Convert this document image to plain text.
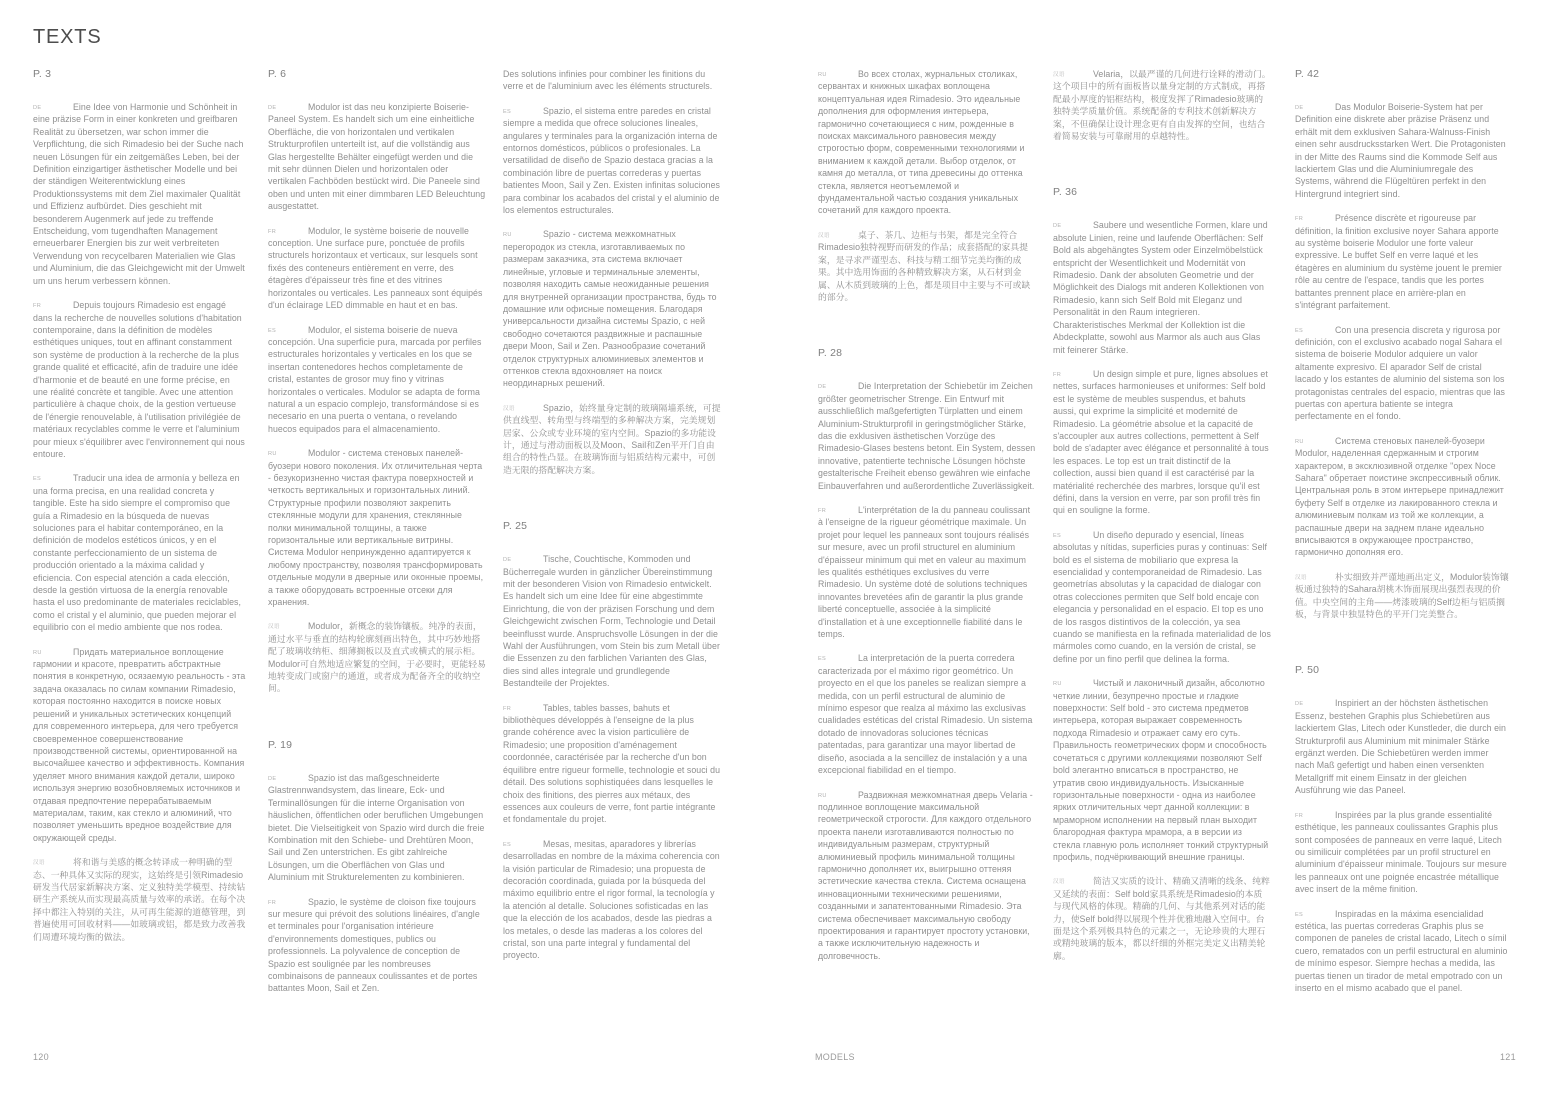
TEXTS
P. 3
DE	Eine Idee von Harmonie und Schönheit in eine präzise Form in einer konkreten und greifbaren Realität zu übersetzen, war schon immer die Verpflichtung, die sich Rimadesio bei der Suche nach neuen Lösungen für ein zeitgemäßes Leben, bei der Definition einzigartiger ästhetischer Modelle und bei der ständigen Weiterentwicklung eines Produktionssystems mit dem Ziel maximaler Qualität und Effizienz aufbürdet. Dies geschieht mit besonderem Augenmerk auf jede zu treffende Entscheidung, vom tugendhaften Management erneuerbarer Energien bis zur weit verbreiteten Verwendung von recycelbaren Materialien wie Glas und Aluminium, die das Gleichgewicht mit der Umwelt um uns herum verbessern können.
FR	Depuis toujours Rimadesio est engagé dans la recherche de nouvelles solutions d'habitation contemporaine, dans la définition de modèles esthétiques uniques, tout en affinant constamment son système de production à la recherche de la plus grande qualité et efficacité, afin de traduire une idée d'harmonie et de beauté en une forme précise, en une réalité concrète et tangible. Avec une attention particulière à chaque choix, de la gestion vertueuse de l'énergie renouvelable, à l'utilisation privilégiée de matériaux recyclables comme le verre et l'aluminium pour mieux s'équilibrer avec l'environnement qui nous entoure.
ES	Traducir una idea de armonía y belleza en una forma precisa, en una realidad concreta y tangible. Este ha sido siempre el compromiso que guía a Rimadesio en la búsqueda de nuevas soluciones para el habitar contemporáneo, en la definición de modelos estéticos únicos, y en el constante perfeccionamiento de un sistema de producción orientado a la máxima calidad y eficiencia. Con especial atención a cada elección, desde la gestión virtuosa de la energía renovable hasta el uso predominante de materiales reciclables, como el cristal y el aluminio, que pueden mejorar el equilibrio con el medio ambiente que nos rodea.
RU	Придать материальное воплощение гармонии и красоте, превратить абстрактные понятия в конкретную, осязаемую реальность - эта задача оказалась по силам компании Rimadesio, которая постоянно находится в поиске новых решений и уникальных эстетических концепций для современного интерьера, для чего требуется своевременное совершенствование производственной системы, ориентированной на высочайшее качество и эффективность. Компания уделяет много внимания каждой детали, широко используя энергию возобновляемых источников и отдавая предпочтение перерабатываемым материалам, таким, как стекло и алюминий, что позволяет уменьшить вредное воздействие для окружающей среды.
汉语	将和谐与美感的概念转译成一种明确的型态、一种具体又实际的现实，这始终是引领Rimadesio研发当代居家新解决方案、定义独特美学模型、持续钻研生产系统从而实现最高质量与效率的承诺。在每个决择中都注入特别的关注，从可再生能源的道德管理，到普遍使用可回收材料——如玻璃或铝，都是致力改善我们周遭环境均衡的做法。
P. 6
DE	Modulor ist das neu konzipierte Boiserie-Paneel System. Es handelt sich um eine einheitliche Oberfläche, die von horizontalen und vertikalen Strukturprofilen unterteilt ist, auf die vollständig aus Glas hergestellte Behälter eingefügt werden und die mit sehr dünnen Dielen und horizontalen oder vertikalen Fachböden bestückt wird. Die Paneele sind oben und unten mit einer dimmbaren LED Beleuchtung ausgestattet.
FR	Modulor, le système boiserie de nouvelle conception. Une surface pure, ponctuée de profils structurels horizontaux et verticaux, sur lesquels sont fixés des conteneurs entièrement en verre, des étagères d'épaisseur très fine et des vitrines horizontales ou verticales. Les panneaux sont équipés d'un éclairage LED dimmable en haut et en bas.
ES	Modulor, el sistema boiserie de nueva concepción. Una superficie pura, marcada por perfiles estructurales horizontales y verticales en los que se insertan contenedores hechos completamente de cristal, estantes de grosor muy fino y vitrinas horizontales o verticales. Modulor se adapta de forma natural a un espacio complejo, transformándose si es necesario en una puerta o ventana, o revelando huecos equipados para el almacenamiento.
RU	Modulor - система стеновых панелей-буозери нового поколения. Их отличительная черта - безукоризненно чистая фактура поверхностей и четкость вертикальных и горизонтальных линий. Структурные профили позволяют закрепить стеклянные модули для хранения, стеклянные полки минимальной толщины, а также горизонтальные или вертикальные витрины. Система Modulor непринужденно адаптируется к любому пространству, позволяя трансформировать отдельные модули в дверные или оконные проемы, а также оборудовать встроенные отсеки для хранения.
汉语	Modulor，新概念的装饰镶板。纯净的表面，通过水平与垂直的结构轮廓刻画出特色，其中巧妙地搭配了玻璃收纳柜、细薄搁板以及直式或横式的展示柜。Modulor可自然地适应繁复的空间，于必要时，更能轻易地转变成门或窗户的通道，或者成为配备齐全的收纳空间。
P. 19
DE	Spazio ist das maßgeschneiderte Glastrennwandsystem, das lineare, Eck- und Terminallösungen für die interne Organisation von häuslichen, öffentlichen oder beruflichen Umgebungen bietet. Die Vielseitigkeit von Spazio wird durch die freie Kombination mit den Schiebe- und Drehtüren Moon, Sail und Zen unterstrichen. Es gibt zahlreiche Lösungen, um die Oberflächen von Glas und Aluminium mit Strukturelementen zu kombinieren.
FR	Spazio, le système de cloison fixe toujours sur mesure qui prévoit des solutions linéaires, d'angle et terminales pour l'organisation intérieure d'environnements domestiques, publics ou professionnels. La polyvalence de conception de Spazio est soulignée par les nombreuses combinaisons de panneaux coulissantes et de portes battantes Moon, Sail et Zen.
Des solutions infinies pour combiner les finitions du verre et de l'aluminium avec les éléments structurels.
ES	Spazio, el sistema entre paredes en cristal siempre a medida que ofrece soluciones lineales, angulares y terminales para la organización interna de entornos domésticos, públicos o profesionales. La versatilidad de diseño de Spazio destaca gracias a la combinación libre de puertas correderas y puertas batientes Moon, Sail y Zen. Existen infinitas soluciones para combinar los acabados del cristal y el aluminio de los elementos estructurales.
RU	Spazio - система межкомнатных перегородок из стекла, изготавливаемых по размерам заказчика, эта система включает линейные, угловые и терминальные элементы, позволяя находить самые неожиданные решения для внутренней организации пространства, будь то домашние или офисные помещения. Благодаря универсальности дизайна системы Spazio, с ней свободно сочетаются раздвижные и распашные двери Moon, Sail и Zen. Разнообразие сочетаний отделок структурных алюминиевых элементов и оттенков стекла вдохновляет на поиск неординарных решений.
汉语	Spazio，始终量身定制的玻璃隔墙系统，可提供直线型、转角型与终端型的多种解决方案，完美规划居家、公众或专业环境的室内空间。Spazio的多功能设计，通过与滑动面板以及Moon、Sail和Zen平开门自由组合的特性凸显。在玻璃饰面与铝质结构元素中，可创造无限的搭配解决方案。
P. 25
DE	Tische, Couchtische, Kommoden und Bücherregale wurden in gänzlicher Übereinstimmung mit der besonderen Vision von Rimadesio entwickelt. Es handelt sich um eine Idee für eine abgestimmte Einrichtung, die von der präzisen Forschung und dem Gleichgewicht zwischen Form, Technologie und Detail beeinflusst wurde. Anspruchsvolle Lösungen in der die Wahl der Ausführungen, vom Stein bis zum Metall über die Essenzen zu den farblichen Varianten des Glas, dies sind alles integrale und grundlegende Bestandteile der Projektes.
FR	Tables, tables basses, bahuts et bibliothèques développés à l'enseigne de la plus grande cohérence avec la vision particulière de Rimadesio; une proposition d'aménagement coordonnée, caractérisée par la recherche d'un bon équilibre entre rigueur formelle, technologie et souci du détail. Des solutions sophistiquées dans lesquelles le choix des finitions, des pierres aux métaux, des essences aux couleurs de verre, font partie intégrante et fondamentale du projet.
ES	Mesas, mesitas, aparadores y librerías desarrolladas en nombre de la máxima coherencia con la visión particular de Rimadesio; una propuesta de decoración coordinada, guiada por la búsqueda del máximo equilibrio entre el rigor formal, la tecnología y la atención al detalle. Soluciones sofisticadas en las que la elección de los acabados, desde las piedras a los metales, o desde las maderas a los colores del cristal, son una parte integral y fundamental del proyecto.
RU	Во всех столах, журнальных столиках, сервантах и книжных шкафах воплощена концептуальная идея Rimadesio. Это идеальные дополнения для оформления интерьера, гармонично сочетающиеся с ним, рожденные в поисках максимального равновесия между строгостью форм, современными технологиями и вниманием к каждой детали. Выбор отделок, от камня до металла, от типа древесины до оттенка стекла, является неотъемлемой и фундаментальной частью создания уникальных сочетаний для каждого проекта.
汉语	桌子、茶几、边柜与书架，都是完全符合Rimadesio独特视野而研发的作品；成套搭配的家具提案，是寻求严谨型态、科技与精工细节完美均衡的成果。其中选用饰面的各种精致解决方案，从石材到金属、从木质到玻璃的上色，都是项目中主要与不可或缺的部分。
P. 28
DE	Die Interpretation der Schiebetür im Zeichen größter geometrischer Strenge. Ein Entwurf mit ausschließlich maßgefertigten Türplatten und einem Aluminium-Strukturprofil in geringstmöglicher Stärke, das die exklusiven ästhetischen Vorzüge des Rimadesio-Glases bestens betont. Ein System, dessen innovative, patentierte technische Lösungen höchste gestalterische Freiheit ebenso gewähren wie einfache Einbauverfahren und außerordentliche Zuverlässigkeit.
FR	L'interprétation de la du panneau coulissant à l'enseigne de la rigueur géométrique maximale. Un projet pour lequel les panneaux sont toujours réalisés sur mesure, avec un profil structurel en aluminium d'épaisseur minimum qui met en valeur au maximum les qualités esthétiques exclusives du verre Rimadesio. Un système doté de solutions techniques innovantes brevetées afin de garantir la plus grande liberté conceptuelle, associée à la simplicité d'installation et à une exceptionnelle fiabilité dans le temps.
ES	La interpretación de la puerta corredera caracterizada por el máximo rigor geométrico. Un proyecto en el que los paneles se realizan siempre a medida, con un perfil estructural de aluminio de mínimo espesor que realza al máximo las exclusivas cualidades estéticas del cristal Rimadesio. Un sistema dotado de innovadoras soluciones técnicas patentadas, para garantizar una mayor libertad de diseño, asociada a la sencillez de instalación y a una excepcional fiabilidad en el tiempo.
RU	Раздвижная межкомнатная дверь Velaria - подлинное воплощение максимальной геометрической строгости. Для каждого отдельного проекта панели изготавливаются полностью по индивидуальным размерам, структурный алюминиевый профиль минимальной толщины гармонично дополняет их, выигрышно оттеняя эстетические качества стекла. Система оснащена инновационными техническими решениями, созданными и запатентованными Rimadesio. Эта система обеспечивает максимальную свободу проектирования и гарантирует простоту установки, а также исключительную надежность и долговечность.
汉语	Velaria，以最严谨的几何进行诠释的滑动门。这个项目中的所有面板皆以量身定制的方式制成，再搭配最小厚度的铝框结构，极度发挥了Rimadesio玻璃的独特美学质量价值。系统配备的专利技术创新解决方案，不但确保让设计理念更有自由发挥的空间，也结合着简易安装与可靠耐用的卓越特性。
P. 36
DE	Saubere und wesentliche Formen, klare und absolute Linien, reine und laufende Oberflächen: Self Bold als abgehängtes System oder Einzelmöbelstück entspricht der Wesentlichkeit und Modernität von Rimadesio. Dank der absoluten Geometrie und der Möglichkeit des Dialogs mit anderen Kollektionen von Rimadesio, kann sich Self Bold mit Eleganz und Personalität in den Raum integrieren. Charakteristisches Merkmal der Kollektion ist die Abdeckplatte, sowohl aus Marmor als auch aus Glas mit feinerer Stärke.
FR	Un design simple et pure, lignes absolues et nettes, surfaces harmonieuses et uniformes: Self bold est le système de meubles suspendus, et bahuts aussi, qui exprime la simplicité et modernité de Rimadesio. La géométrie absolue et la capacité de s'accoupler aux autres collections, permettent à Self bold de s'adapter avec élégance et personnalité à tous les espaces. Le top est un trait distinctif de la collection, aussi bien quand il est caractérisé par la matérialité recherchée des marbres, lorsque qu'il est défini, dans la version en verre, par son profil très fin qui en souligne la forme.
ES	Un diseño depurado y esencial, líneas absolutas y nítidas, superficies puras y continuas: Self bold es el sistema de mobiliario que expresa la esencialidad y contemporaneidad de Rimadesio. Las geometrías absolutas y la capacidad de dialogar con otras colecciones permiten que Self bold encaje con elegancia y personalidad en el espacio. El top es uno de los rasgos distintivos de la colección, ya sea cuando se manifiesta en la refinada materialidad de los mármoles como cuando, en la versión de cristal, se define por un fino perfil que delinea la forma.
RU	Чистый и лаконичный дизайн, абсолютно четкие линии, безупречно простые и гладкие поверхности: Self bold - это система предметов интерьера, которая выражает современность подхода Rimadesio и отражает саму его суть. Правильность геометрических форм и способность сочетаться с другими коллекциями позволяют Self bold элегантно вписаться в пространство, не утратив свою индивидуальность. Изысканные горизонтальные поверхности - одна из наиболее ярких отличительных черт данной коллекции: в мраморном исполнении на первый план выходит благородная фактура мрамора, а в версии из стекла главную роль исполняет тонкий структурный профиль, подчёркивающий внешние границы.
汉语	简洁又实质的设计、精确又清晰的线条、纯粹又延续的表面：Self bold家具系统是Rimadesio的本质与现代风格的体现。精确的几何、与其他系列对话的能力，使Self bold得以展现个性并优雅地融入空间中。台面是这个系列极具特色的元素之一，无论珍贵的大理石或精纯玻璃的版本，都以纤细的外框完美定义出精美轮廓。
P. 42
DE	Das Modulor Boiserie-System hat per Definition eine diskrete aber präzise Präsenz und erhält mit dem exklusiven Sahara-Walnuss-Finish einen sehr ausdrucksstarken Wert. Die Protagonisten in der Mitte des Raums sind die Kommode Self aus lackiertem Glas und die Aluminiumregale des Systems, während die Flügeltüren perfekt in den Hintergrund integriert sind.
FR	Présence discrète et rigoureuse par définition, la finition exclusive noyer Sahara apporte au système boiserie Modulor une forte valeur expressive. Le buffet Self en verre laqué et les étagères en aluminium du système jouent le premier rôle au centre de l'espace, tandis que les portes battantes prennent place en arrière-plan en s'intégrant parfaitement.
ES	Con una presencia discreta y rigurosa por definición, con el exclusivo acabado nogal Sahara el sistema de boiserie Modulor adquiere un valor altamente expresivo. El aparador Self de cristal lacado y los estantes de aluminio del sistema son los protagonistas centrales del espacio, mientras que las puertas con apertura batiente se integra perfectamente en el fondo.
RU	Система стеновых панелей-буозери Modulor, наделенная сдержанным и строгим характером, в эксклюзивной отделке "орех Noce Sahara" обретает поистине экспрессивный облик. Центральная роль в этом интерьере принадлежит буфету Self в отделке из лакированного стекла и алюминиевым полкам из той же коллекции, а распашные двери на заднем плане идеально вписываются в окружающее пространство, гармонично дополняя его.
汉语	朴实细致并严谨地画出定义，Modulor装饰镶板通过独特的Sahara胡桃木饰面展现出强烈表现的价值。中央空间的主角——烤漆玻璃的Self边柜与铝质搁板，与背景中独显特色的平开门完美整合。
P. 50
DE	Inspiriert an der höchsten ästhetischen Essenz, bestehen Graphis plus Schiebetüren aus lackiertem Glas, Litech oder Kunstleder, die durch ein Strukturprofil aus Aluminium mit minimaler Stärke ergänzt werden. Die Schiebetüren werden immer nach Maß gefertigt und haben einen versenkten Metallgriff mit einem Einsatz in der gleichen Ausführung wie das Paneel.
FR	Inspirées par la plus grande essentialité esthétique, les panneaux coulissantes Graphis plus sont composées de panneaux en verre laqué, Litech ou similicuir complétées par un profil structurel en aluminium d'épaisseur minimale. Toujours sur mesure les panneaux ont une poignée encastrée métallique avec insert de la même finition.
ES	Inspiradas en la máxima esencialidad estética, las puertas correderas Graphis plus se componen de paneles de cristal lacado, Litech o símil cuero, rematados con un perfil estructural en aluminio de mínimo espesor. Siempre hechas a medida, las puertas tienen un tirador de metal empotrado con un inserto en el mismo acabado que el panel.
120	MODELS	121
